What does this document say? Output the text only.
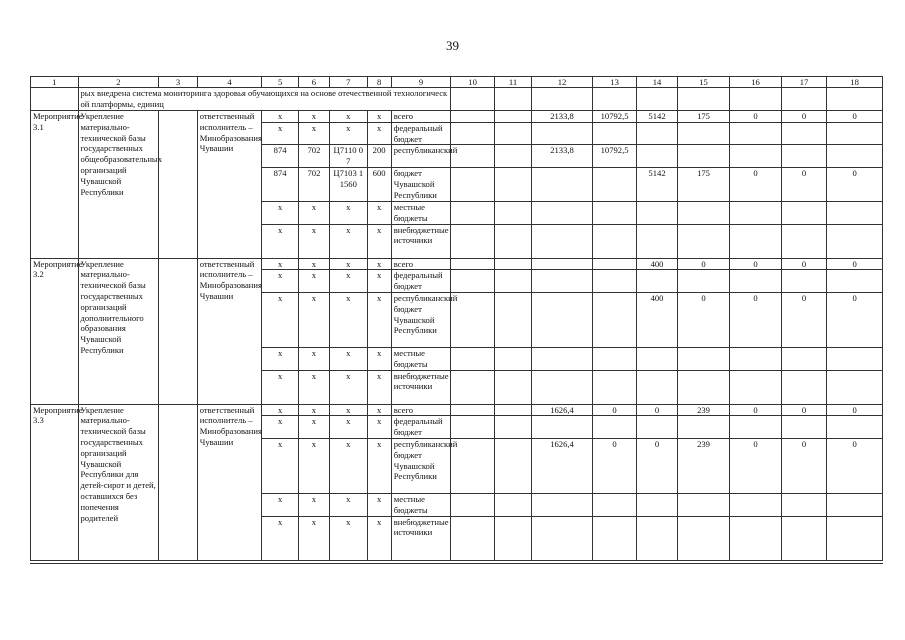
39
1	2	3	4	5	6	7	8	9	10	11	12	13	14	15	16	17	18
	рых внедрена система мониторинга здоровья обучающихся на основе отечественной технологической платформы, единиц																
Мероприятие 3.1	Укрепление материально-технической базы государственных общеобразовательных организаций Чувашской Республики		ответственный исполнитель – Минобразования Чувашии	x	x	x	x	всего			2133,8	10792,5	5142	175	0	0	0
				x	x	x	x	федеральный бюджет									
				874	702	Ц7110 07	200	республиканский			2133,8	10792,5					
				874	702	Ц7103 11560	600	бюджет Чувашской Республики					5142	175	0	0	0
				x	x	x	x	местные бюджеты									
				x	x	x	x	внебюджетные источники									
Мероприятие 3.2	Укрепление материально-технической базы государственных организаций дополнительного образования Чувашской Республики		ответственный исполнитель – Минобразования Чувашии	x	x	x	x	всего					400	0	0	0	0
				x	x	x	x	федеральный бюджет									
				x	x	x	x	республиканский бюджет Чувашской Республики					400	0	0	0	0
				x	x	x	x	местные бюджеты									
				x	x	x	x	внебюджетные источники									
Мероприятие 3.3	Укрепление материально-технической базы государственных организаций Чувашской Республики для детей-сирот и детей, оставшихся без попечения родителей		ответственный исполнитель – Минобразования Чувашии	x	x	x	x	всего			1626,4	0	0	239	0	0	0
				x	x	x	x	федеральный бюджет									
				x	x	x	x	республиканский бюджет Чувашской Республики			1626,4	0	0	239	0	0	0
				x	x	x	x	местные бюджеты									
				x	x	x	x	внебюджетные источники									
